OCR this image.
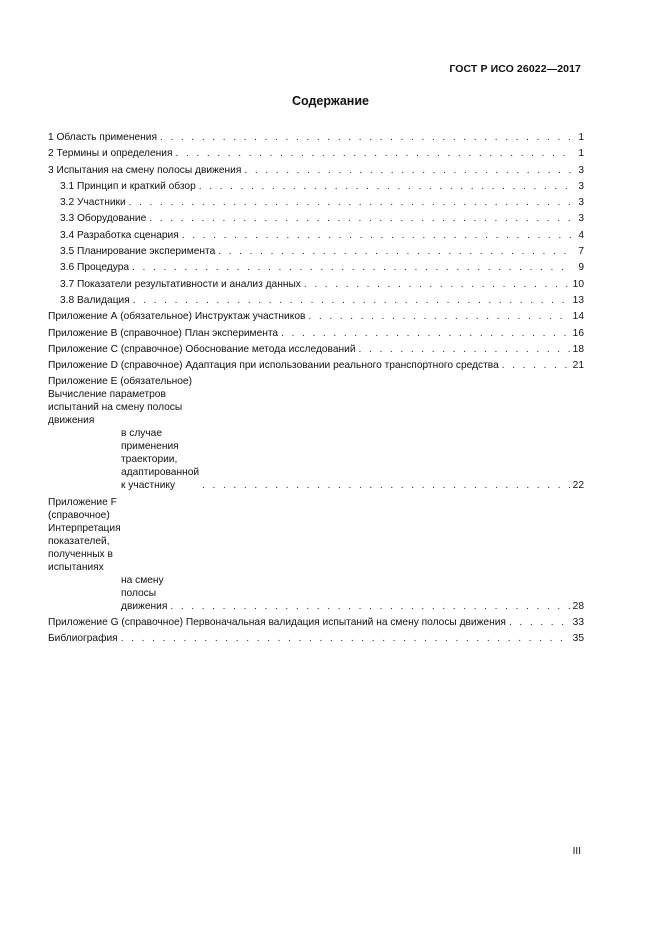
ГОСТ Р ИСО 26022—2017
Содержание
1 Область применения . . .	1
2 Термины и определения . . .	1
3 Испытания на смену полосы движения . . .	3
3.1 Принцип и краткий обзор . . .	3
3.2 Участники . . .	3
3.3 Оборудование . . .	3
3.4 Разработка сценария . . .	4
3.5 Планирование эксперимента . . .	7
3.6 Процедура . . .	9
3.7 Показатели результативности и анализ данных . . .	10
3.8 Валидация . . .	13
Приложение А (обязательное) Инструктаж участников . . .	14
Приложение В (справочное) План эксперимента . . .	16
Приложение С (справочное) Обоснование метода исследований . . .	18
Приложение D (справочное) Адаптация при использовании реального транспортного средства . . .	21
Приложение Е (обязательное) Вычисление параметров испытаний на смену полосы движения
в случае применения траектории, адаптированной к участнику . . .	22
Приложение F (справочное) Интерпретация показателей, полученных в испытаниях
на смену полосы движения . . .	28
Приложение G (справочное) Первоначальная валидация испытаний на смену полосы движения . . .	33
Библиография . . .	35
III
